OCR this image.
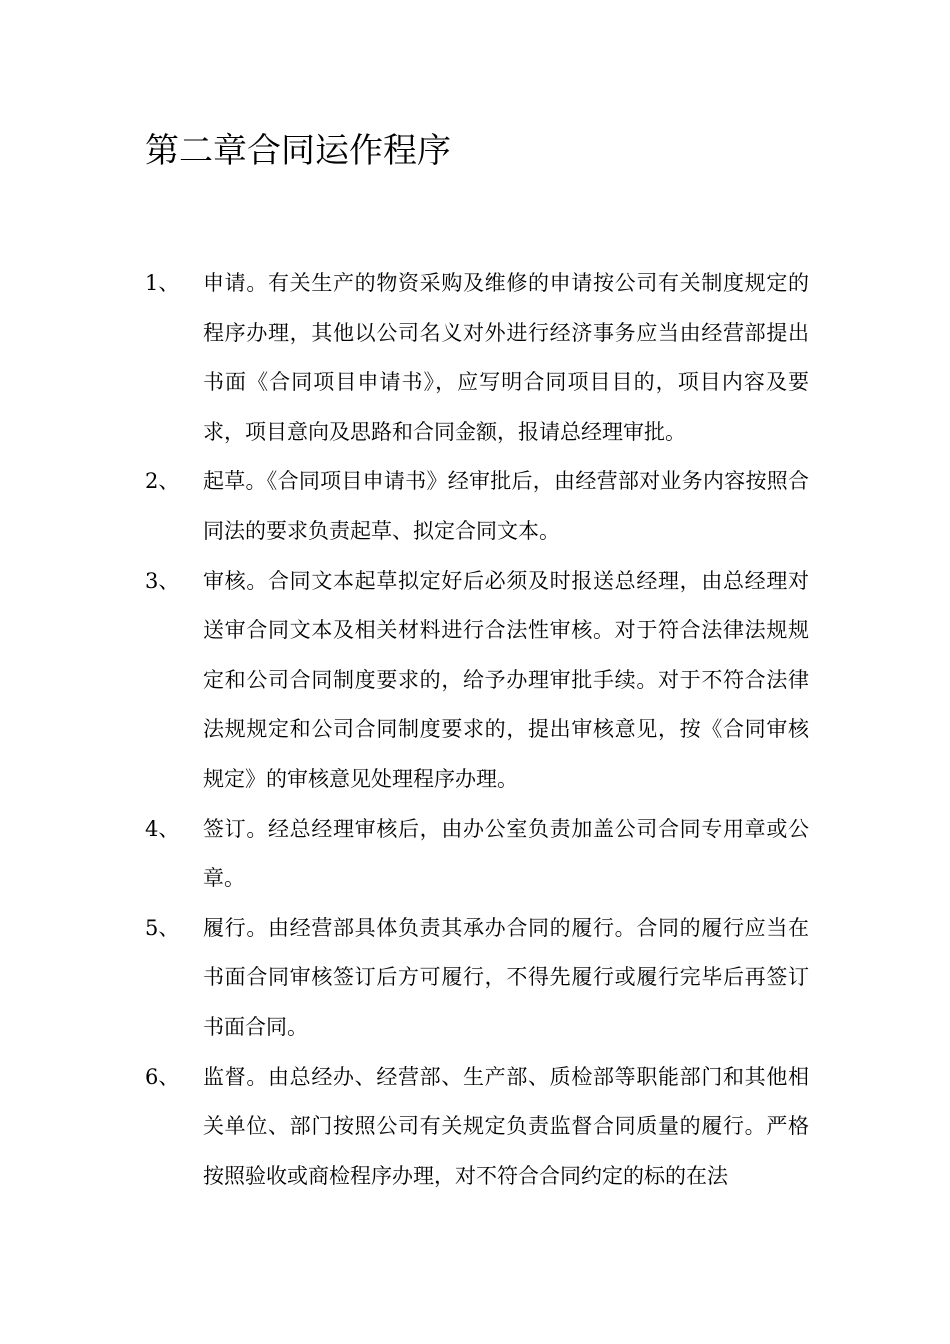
第二章合同运作程序
1、 申请。有关生产的物资采购及维修的申请按公司有关制度规定的程序办理，其他以公司名义对外进行经济事务应当由经营部提出书面《合同项目申请书》，应写明合同项目目的，项目内容及要求，项目意向及思路和合同金额，报请总经理审批。
2、 起草。《合同项目申请书》经审批后，由经营部对业务内容按照合同法的要求负责起草、拟定合同文本。
3、 审核。合同文本起草拟定好后必须及时报送总经理，由总经理对送审合同文本及相关材料进行合法性审核。对于符合法律法规规定和公司合同制度要求的，给予办理审批手续。对于不符合法律法规规定和公司合同制度要求的，提出审核意见，按《合同审核规定》的审核意见处理程序办理。
4、 签订。经总经理审核后，由办公室负责加盖公司合同专用章或公章。
5、 履行。由经营部具体负责其承办合同的履行。合同的履行应当在书面合同审核签订后方可履行，不得先履行或履行完毕后再签订书面合同。
6、 监督。由总经办、经营部、生产部、质检部等职能部门和其他相关单位、部门按照公司有关规定负责监督合同质量的履行。严格按照验收或商检程序办理，对不符合合同约定的标的在法
